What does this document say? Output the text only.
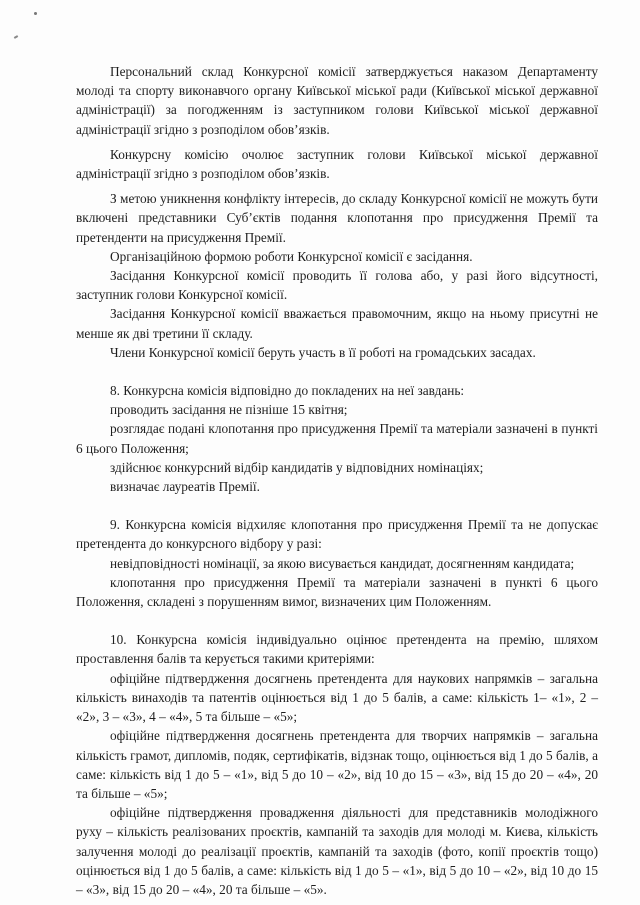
Персональний склад Конкурсної комісії затверджується наказом Департаменту молоді та спорту виконавчого органу Київської міської ради (Київської міської державної адміністрації) за погодженням із заступником голови Київської міської державної адміністрації згідно з розподілом обов’язків.

Конкурсну комісію очолює заступник голови Київської міської державної адміністрації згідно з розподілом обов’язків.

З метою уникнення конфлікту інтересів, до складу Конкурсної комісії не можуть бути включені представники Суб’єктів подання клопотання про присудження Премії та претенденти на присудження Премії.

Організаційною формою роботи Конкурсної комісії є засідання.

Засідання Конкурсної комісії проводить її голова або, у разі його відсутності, заступник голови Конкурсної комісії.

Засідання Конкурсної комісії вважається правомочним, якщо на ньому присутні не менше як дві третини її складу.

Члени Конкурсної комісії беруть участь в її роботі на громадських засадах.

8. Конкурсна комісія відповідно до покладених на неї завдань:

проводить засідання не пізніше 15 квітня;

розглядає подані клопотання про присудження Премії та матеріали зазначені в пункті 6 цього Положення;

здійснює конкурсний відбір кандидатів у відповідних номінаціях;

визначає лауреатів Премії.

9. Конкурсна комісія відхиляє клопотання про присудження Премії та не допускає претендента до конкурсного відбору у разі:

невідповідності номінації, за якою висувається кандидат, досягненням кандидата;

клопотання про присудження Премії та матеріали зазначені в пункті 6 цього Положення, складені з порушенням вимог, визначених цим Положенням.

10. Конкурсна комісія індивідуально оцінює претендента на премію, шляхом проставлення балів та керується такими критеріями:

офіційне підтвердження досягнень претендента для наукових напрямків – загальна кількість винаходів та патентів оцінюється від 1 до 5 балів, а саме: кількість 1– «1», 2 – «2», 3 – «3», 4 – «4», 5 та більше – «5»;

офіційне підтвердження досягнень претендента для творчих напрямків – загальна кількість грамот, дипломів, подяк, сертифікатів, відзнак тощо, оцінюється від 1 до 5 балів, а саме: кількість від 1 до 5 – «1», від 5 до 10 – «2», від 10 до 15 – «3», від 15 до 20 – «4», 20 та більше – «5»;

офіційне підтвердження провадження діяльності для представників молодіжного руху – кількість реалізованих проєктів, кампаній та заходів для молоді м. Києва, кількість залучення молоді до реалізації проєктів, кампаній та заходів (фото, копії проєктів тощо) оцінюється від 1 до 5 балів, а саме: кількість від 1 до 5 – «1», від 5 до 10 – «2», від 10 до 15 – «3», від 15 до 20 – «4», 20 та більше – «5».
